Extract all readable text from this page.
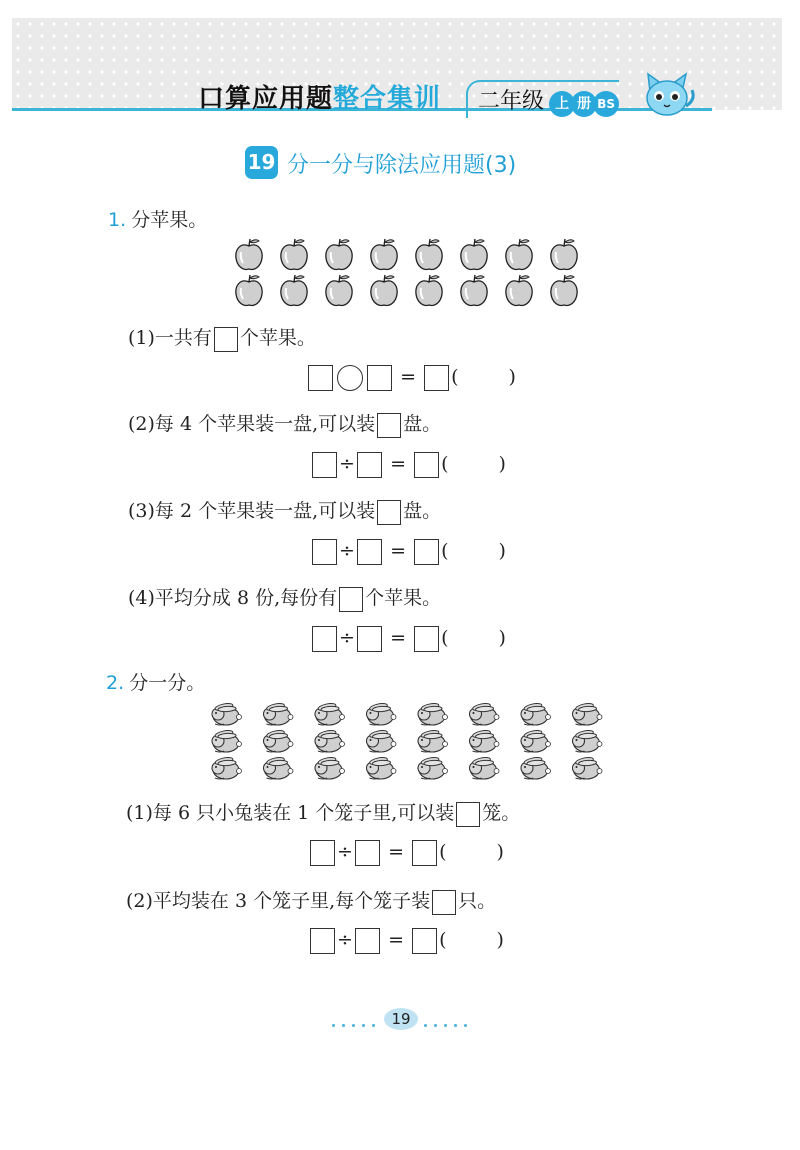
口算应用题整合集训	二年级 上 册 BS
19 分一分与除法应用题(3)
1. 分苹果。
(1)一共有 个苹果。
= (	)
(2)每 4 个苹果装一盘,可以装 盘。
÷ = (	)
(3)每 2 个苹果装一盘,可以装 盘。
÷ = (	)
(4)平均分成 8 份,每份有 个苹果。
÷ = (	)
2. 分一分。
(1)每 6 只小兔装在 1 个笼子里,可以装 笼。
÷ = (	)
(2)平均装在 3 个笼子里,每个笼子装 只。
÷ = (	)
19
